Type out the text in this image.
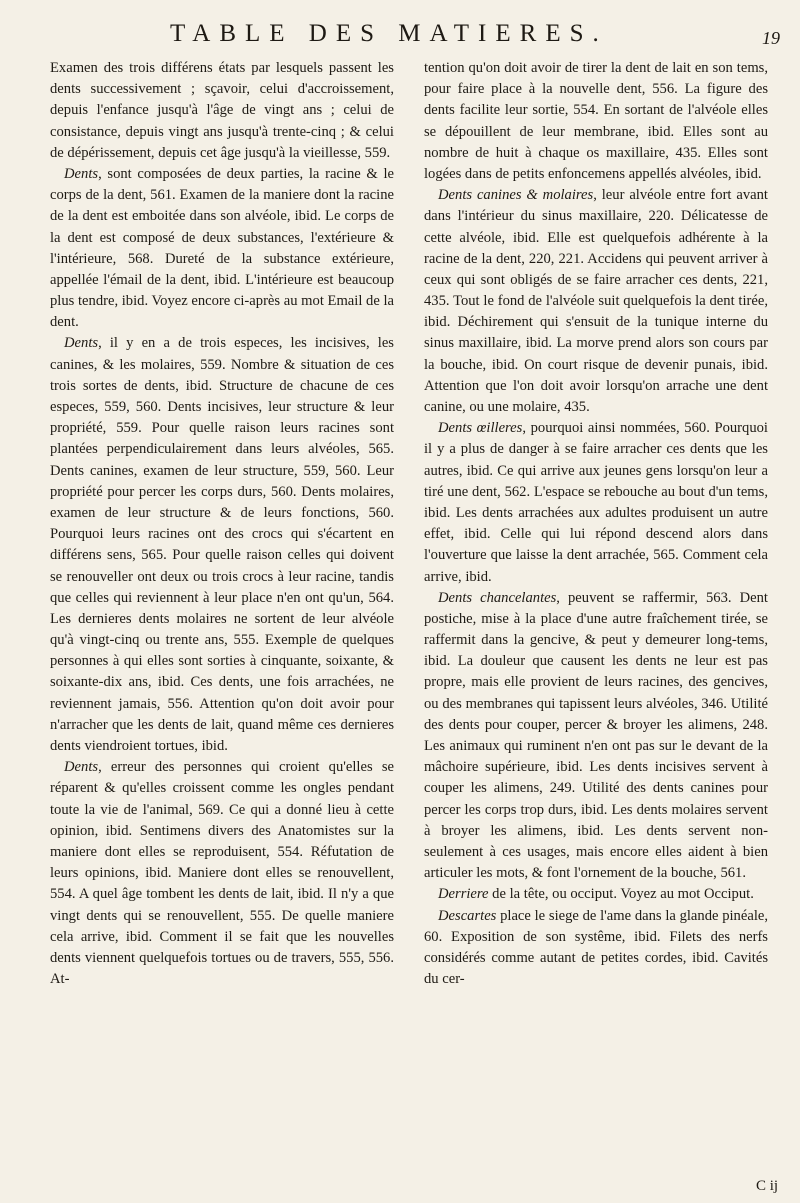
TABLE DES MATIERES.	19

Examen des trois différens états par lesquels passent les dents successivement ; sçavoir, celui d'accroissement, depuis l'enfance jusqu'à l'âge de vingt ans ; celui de consistance, depuis vingt ans jusqu'à trente-cinq ; & celui de dépérissement, depuis cet âge jusqu'à la vieillesse, 559.

Dents, sont composées de deux parties, la racine & le corps de la dent, 561. Examen de la maniere dont la racine de la dent est emboitée dans son alvéole, ibid. Le corps de la dent est composé de deux substances, l'extérieure & l'intérieure, 568. Dureté de la substance extérieure, appellée l'émail de la dent, ibid. L'intérieure est beaucoup plus tendre, ibid. Voyez encore ci-après au mot Email de la dent.

Dents, il y en a de trois especes, les incisives, les canines, & les molaires, 559. Nombre & situation de ces trois sortes de dents, ibid. Structure de chacune de ces especes, 559, 560. Dents incisives, leur structure & leur propriété, 559. Pour quelle raison leurs racines sont plantées perpendiculairement dans leurs alvéoles, 565. Dents canines, examen de leur structure, 559, 560. Leur propriété pour percer les corps durs, 560. Dents molaires, examen de leur structure & de leurs fonctions, 560. Pourquoi leurs racines ont des crocs qui s'écartent en différens sens, 565. Pour quelle raison celles qui doivent se renouveller ont deux ou trois crocs à leur racine, tandis que celles qui reviennent à leur place n'en ont qu'un, 564. Les dernieres dents molaires ne sortent de leur alvéole qu'à vingt-cinq ou trente ans, 555. Exemple de quelques personnes à qui elles sont sorties à cinquante, soixante, & soixante-dix ans, ibid. Ces dents, une fois arrachées, ne reviennent jamais, 556. Attention qu'on doit avoir pour n'arracher que les dents de lait, quand même ces dernieres dents viendroient tortues, ibid.

Dents, erreur des personnes qui croient qu'elles se réparent & qu'elles croissent comme les ongles pendant toute la vie de l'animal, 569. Ce qui a donné lieu à cette opinion, ibid. Sentimens divers des Anatomistes sur la maniere dont elles se reproduisent, 554. Réfutation de leurs opinions, ibid. Maniere dont elles se renouvellent, 554. A quel âge tombent les dents de lait, ibid. Il n'y a que vingt dents qui se renouvellent, 555. De quelle maniere cela arrive, ibid. Comment il se fait que les nouvelles dents viennent quelquefois tortues ou de travers, 555, 556. At-

tention qu'on doit avoir de tirer la dent de lait en son tems, pour faire place à la nouvelle dent, 556. La figure des dents facilite leur sortie, 554. En sortant de l'alvéole elles se dépouillent de leur membrane, ibid. Elles sont au nombre de huit à chaque os maxillaire, 435. Elles sont logées dans de petits enfoncemens appellés alvéoles, ibid.

Dents canines & molaires, leur alvéole entre fort avant dans l'intérieur du sinus maxillaire, 220. Délicatesse de cette alvéole, ibid. Elle est quelquefois adhérente à la racine de la dent, 220, 221. Accidens qui peuvent arriver à ceux qui sont obligés de se faire arracher ces dents, 221, 435. Tout le fond de l'alvéole suit quelquefois la dent tirée, ibid. Déchirement qui s'ensuit de la tunique interne du sinus maxillaire, ibid. La morve prend alors son cours par la bouche, ibid. On court risque de devenir punais, ibid. Attention que l'on doit avoir lorsqu'on arrache une dent canine, ou une molaire, 435.

Dents œilleres, pourquoi ainsi nommées, 560. Pourquoi il y a plus de danger à se faire arracher ces dents que les autres, ibid. Ce qui arrive aux jeunes gens lorsqu'on leur a tiré une dent, 562. L'espace se rebouche au bout d'un tems, ibid. Les dents arrachées aux adultes produisent un autre effet, ibid. Celle qui lui répond descend alors dans l'ouverture que laisse la dent arrachée, 565. Comment cela arrive, ibid.

Dents chancelantes, peuvent se raffermir, 563. Dent postiche, mise à la place d'une autre fraîchement tirée, se raffermit dans la gencive, & peut y demeurer long-tems, ibid. La douleur que causent les dents ne leur est pas propre, mais elle provient de leurs racines, des gencives, ou des membranes qui tapissent leurs alvéoles, 346. Utilité des dents pour couper, percer & broyer les alimens, 248. Les animaux qui ruminent n'en ont pas sur le devant de la mâchoire supérieure, ibid. Les dents incisives servent à couper les alimens, 249. Utilité des dents canines pour percer les corps trop durs, ibid. Les dents molaires servent à broyer les alimens, ibid. Les dents servent non-seulement à ces usages, mais encore elles aident à bien articuler les mots, & font l'ornement de la bouche, 561.

Derriere de la tête, ou occiput. Voyez au mot Occiput.

Descartes place le siege de l'ame dans la glande pinéale, 60. Exposition de son systême, ibid. Filets des nerfs considérés comme autant de petites cordes, ibid. Cavités du cer-

C ij
